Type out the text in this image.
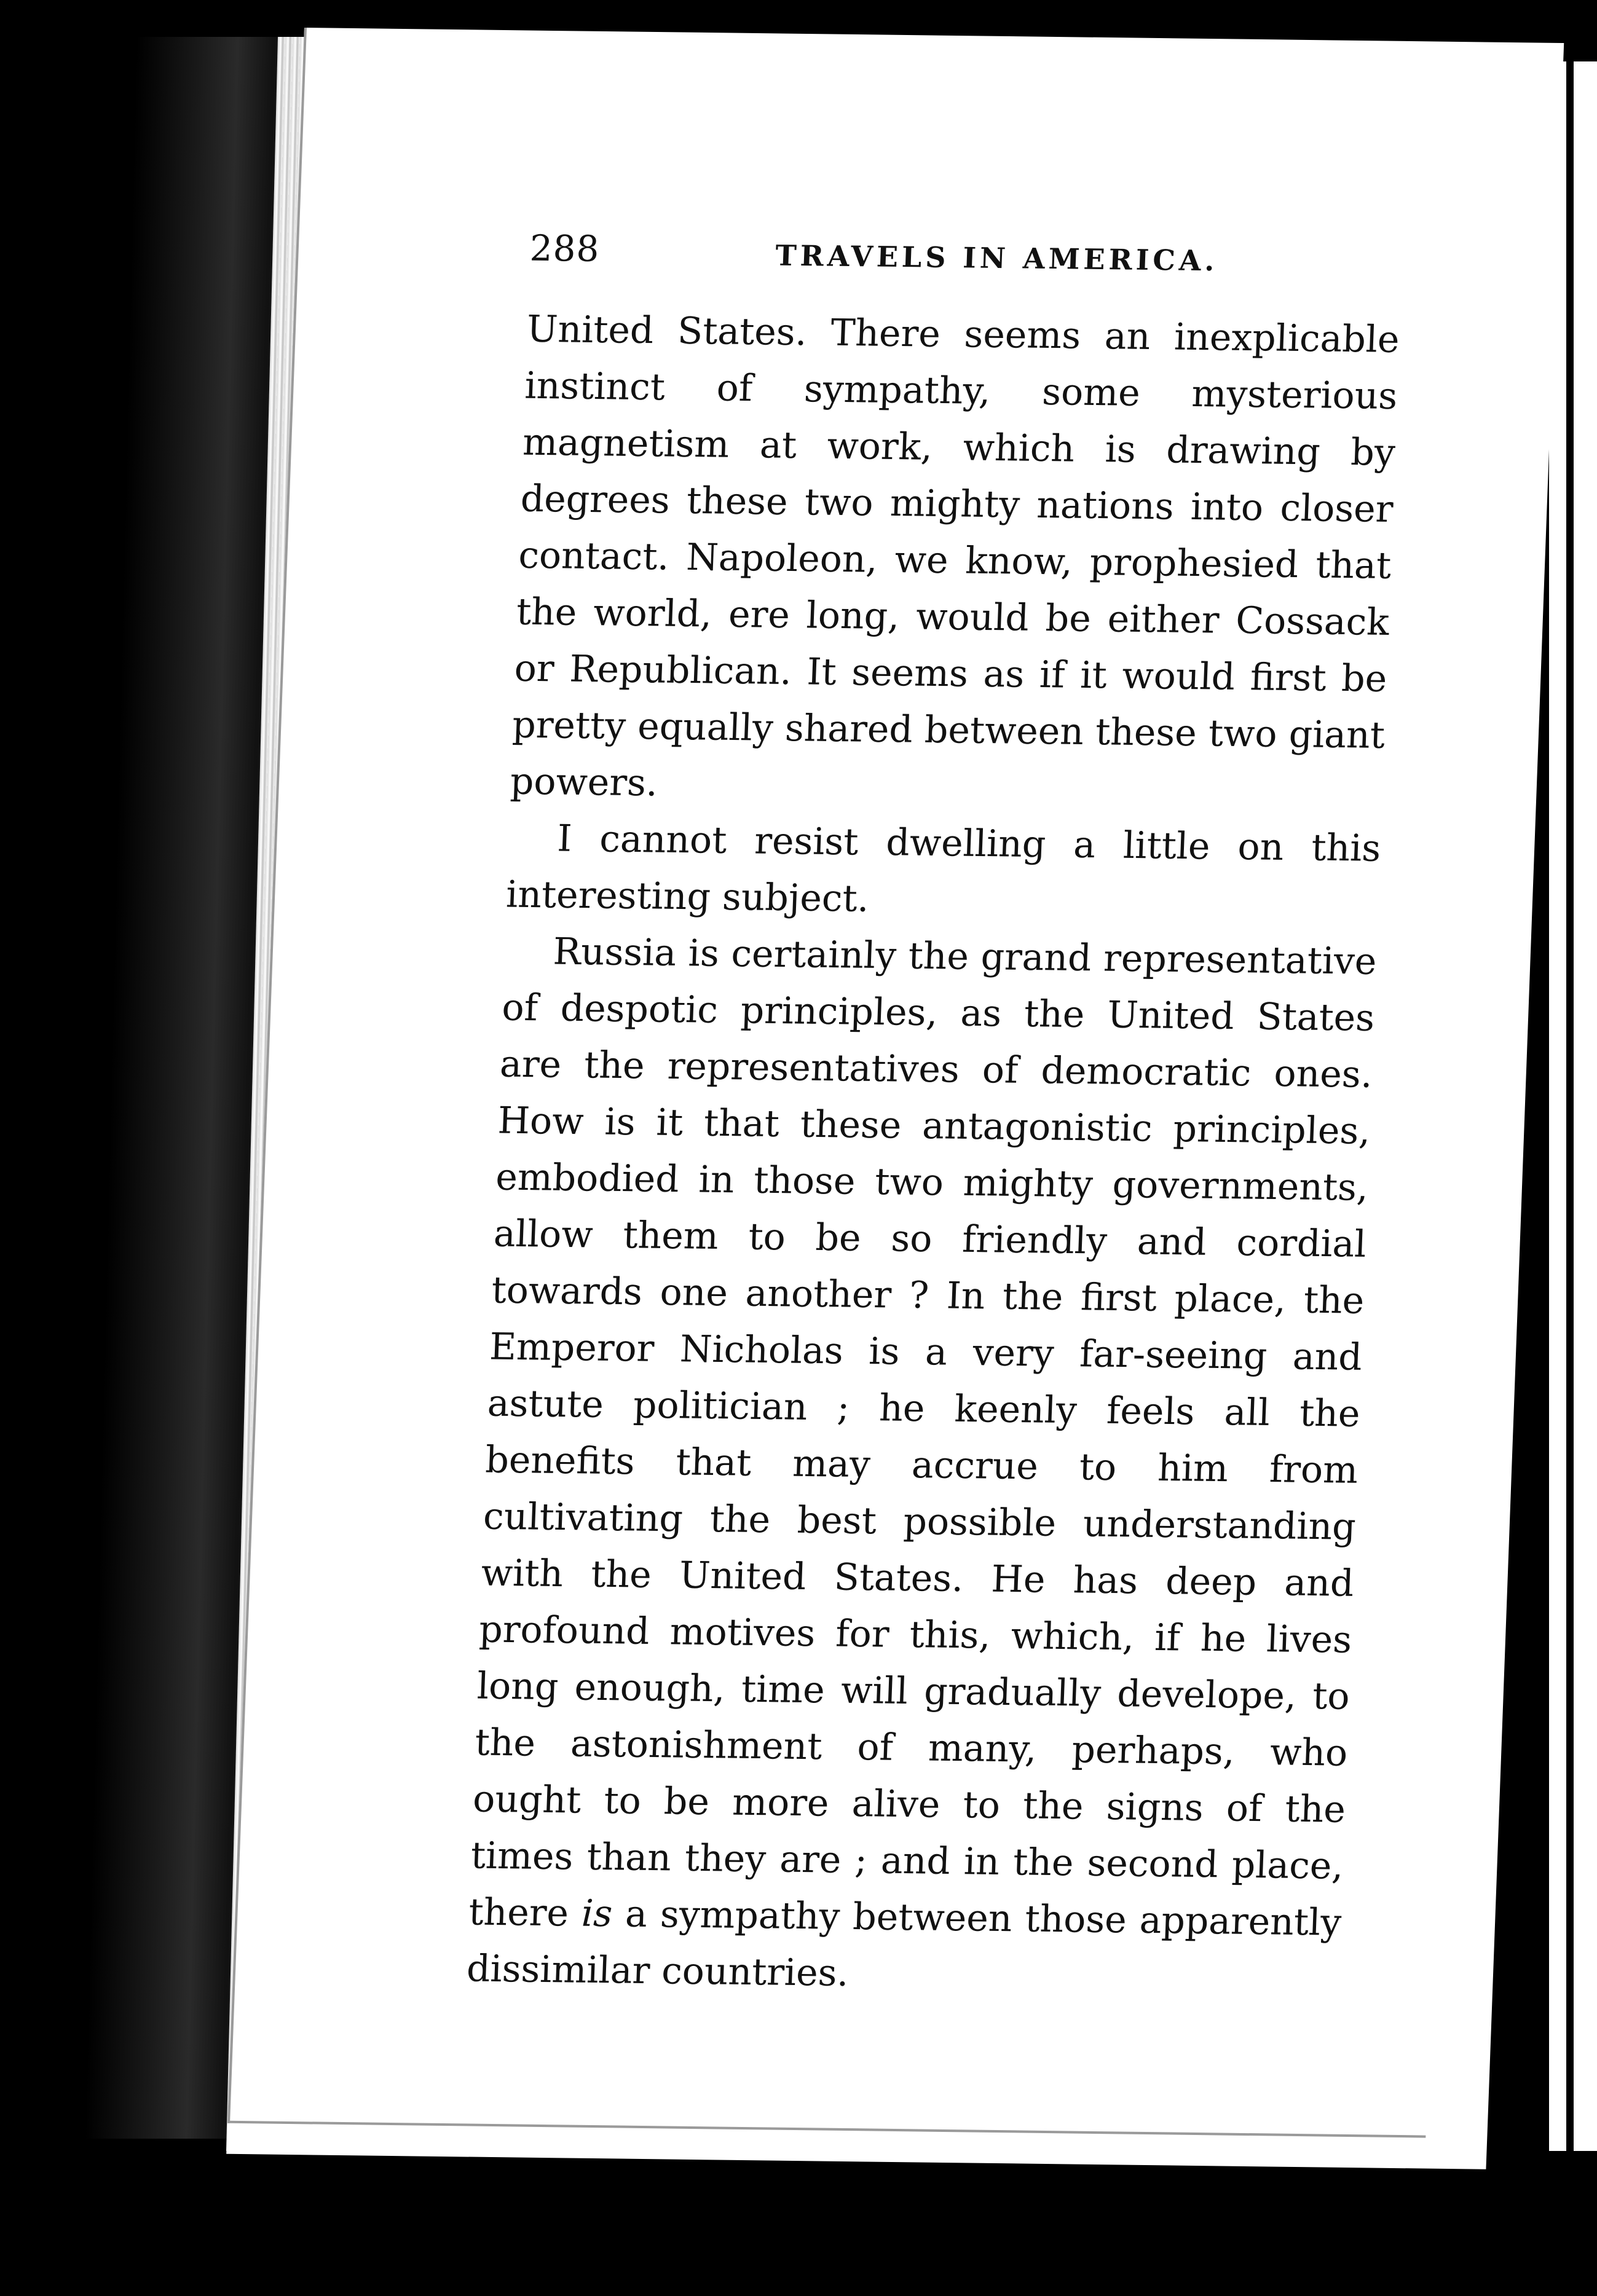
288	TRAVELS IN AMERICA.

United States. There seems an inexplicable instinct of sympathy, some mysterious magnetism at work, which is drawing by degrees these two mighty nations into closer contact. Napoleon, we know, prophesied that the world, ere long, would be either Cossack or Republican. It seems as if it would first be pretty equally shared between these two giant powers.

I cannot resist dwelling a little on this interesting subject.

Russia is certainly the grand representative of despotic principles, as the United States are the representatives of democratic ones. How is it that these antagonistic principles, embodied in those two mighty governments, allow them to be so friendly and cordial towards one another ? In the first place, the Emperor Nicholas is a very far-seeing and astute politician ; he keenly feels all the benefits that may accrue to him from cultivating the best possible understanding with the United States. He has deep and profound motives for this, which, if he lives long enough, time will gradually develope, to the astonishment of many, perhaps, who ought to be more alive to the signs of the times than they are ; and in the second place, there is a sympathy between those apparently dissimilar countries.
